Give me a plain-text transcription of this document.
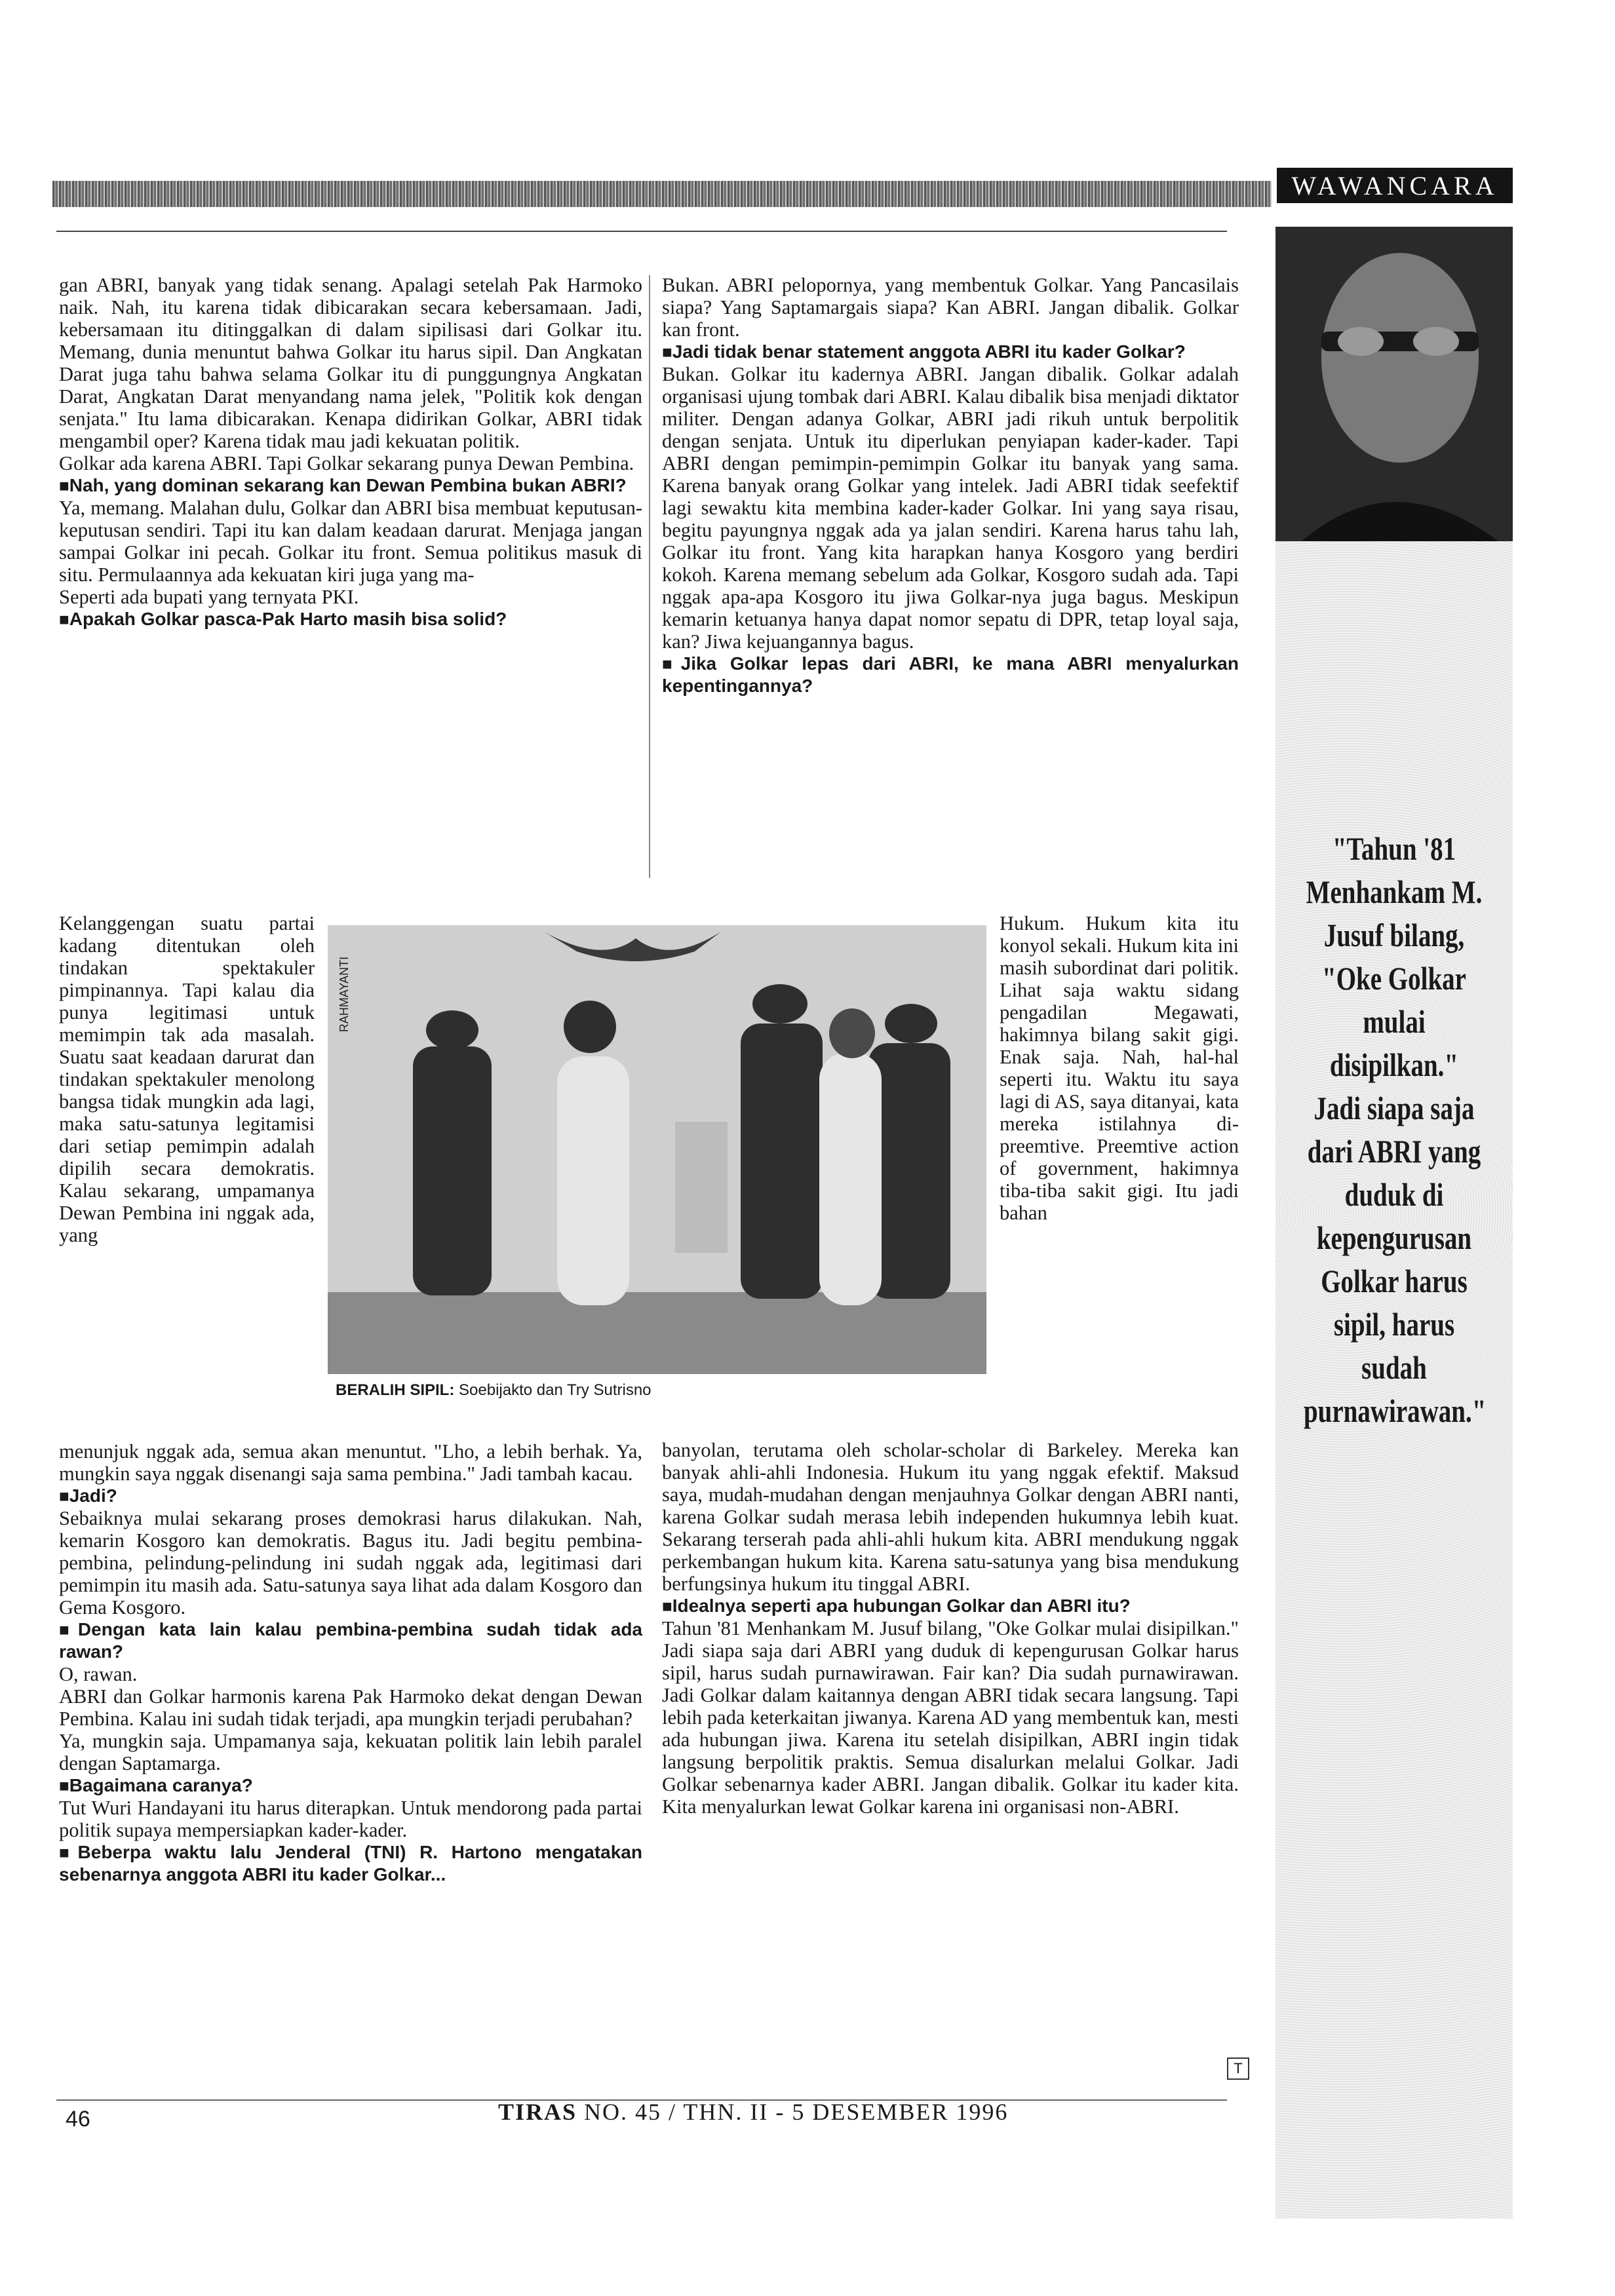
WAWANCARA

gan ABRI, banyak yang tidak senang. Apalagi setelah Pak Harmoko naik. Nah, itu karena tidak dibicarakan secara kebersamaan. Jadi, kebersamaan itu ditinggalkan di dalam sipilisasi dari Golkar itu. Memang, dunia menuntut bahwa Golkar itu harus sipil. Dan Angkatan Darat juga tahu bahwa selama Golkar itu di punggungnya Angkatan Darat, Angkatan Darat menyandang nama jelek, "Politik kok dengan senjata." Itu lama dibicarakan. Kenapa didirikan Golkar, ABRI tidak mengambil oper? Karena tidak mau jadi kekuatan politik.

Golkar ada karena ABRI. Tapi Golkar sekarang punya Dewan Pembina.

■ Nah, yang dominan sekarang kan Dewan Pembina bukan ABRI?

Ya, memang. Malahan dulu, Golkar dan ABRI bisa membuat keputusan-keputusan sendiri. Tapi itu kan dalam keadaan darurat. Menjaga jangan sampai Golkar ini pecah. Golkar itu front. Semua politikus masuk di situ. Permulaannya ada kekuatan kiri juga yang ma-

Seperti ada bupati yang ternyata PKI.

■ Apakah Golkar pasca-Pak Harto masih bisa solid?

Bukan. ABRI pelopornya, yang membentuk Golkar. Yang Pancasilais siapa? Yang Saptamargais siapa? Kan ABRI. Jangan dibalik. Golkar kan front.

■ Jadi tidak benar statement anggota ABRI itu kader Golkar?

Bukan. Golkar itu kadernya ABRI. Jangan dibalik. Golkar adalah organisasi ujung tombak dari ABRI. Kalau dibalik bisa menjadi diktator militer. Dengan adanya Golkar, ABRI jadi rikuh untuk berpolitik dengan senjata. Untuk itu diperlukan penyiapan kader-kader. Tapi ABRI dengan pemimpin-pemimpin Golkar itu banyak yang sama. Karena banyak orang Golkar yang intelek. Jadi ABRI tidak seefektif lagi sewaktu kita membina kader-kader Golkar. Ini yang saya risau, begitu payungnya nggak ada ya jalan sendiri. Karena harus tahu lah, Golkar itu front. Yang kita harapkan hanya Kosgoro yang berdiri kokoh. Karena memang sebelum ada Golkar, Kosgoro sudah ada. Tapi nggak apa-apa Kosgoro itu jiwa Golkar-nya juga bagus. Meskipun kemarin ketuanya hanya dapat nomor sepatu di DPR, tetap loyal saja, kan? Jiwa kejuangannya bagus.

■ Jika Golkar lepas dari ABRI, ke mana ABRI menyalurkan kepentingannya?

Kelanggengan suatu partai kadang ditentukan oleh tindakan spektakuler pimpinannya. Tapi kalau dia punya legitimasi untuk memimpin tak ada masalah. Suatu saat keadaan darurat dan tindakan spektakuler menolong bangsa tidak mungkin ada lagi, maka satu-satunya legitamisi dari setiap pemimpin adalah dipilih secara demokratis. Kalau sekarang, umpamanya Dewan Pembina ini nggak ada, yang

RAHMAYANTI
BERALIH SIPIL: Soebijakto dan Try Sutrisno

Hukum. Hukum kita itu konyol sekali. Hukum kita ini masih subordinat dari politik. Lihat saja waktu sidang pengadilan Megawati, hakimnya bilang sakit gigi. Enak saja. Nah, hal-hal seperti itu. Waktu itu saya lagi di AS, saya ditanyai, kata mereka istilahnya di-preemtive. Preemtive action of government, hakimnya tiba-tiba sakit gigi. Itu jadi bahan

menunjuk nggak ada, semua akan menuntut. "Lho, a lebih berhak. Ya, mungkin saya nggak disenangi saja sama pembina." Jadi tambah kacau.

■ Jadi?

Sebaiknya mulai sekarang proses demokrasi harus dilakukan. Nah, kemarin Kosgoro kan demokratis. Bagus itu. Jadi begitu pembina-pembina, pelindung-pelindung ini sudah nggak ada, legitimasi dari pemimpin itu masih ada. Satu-satunya saya lihat ada dalam Kosgoro dan Gema Kosgoro.

■ Dengan kata lain kalau pembina-pembina sudah tidak ada rawan?

O, rawan.

ABRI dan Golkar harmonis karena Pak Harmoko dekat dengan Dewan Pembina. Kalau ini sudah tidak terjadi, apa mungkin terjadi perubahan?

Ya, mungkin saja. Umpamanya saja, kekuatan politik lain lebih paralel dengan Saptamarga.

■ Bagaimana caranya?

Tut Wuri Handayani itu harus diterapkan. Untuk mendorong pada partai politik supaya mempersiapkan kader-kader.

■ Beberpa waktu lalu Jenderal (TNI) R. Hartono mengatakan sebenarnya anggota ABRI itu kader Golkar...

banyolan, terutama oleh scholar-scholar di Barkeley. Mereka kan banyak ahli-ahli Indonesia. Hukum itu yang nggak efektif. Maksud saya, mudah-mudahan dengan menjauhnya Golkar dengan ABRI nanti, karena Golkar sudah merasa lebih independen hukumnya lebih kuat. Sekarang terserah pada ahli-ahli hukum kita. ABRI mendukung nggak perkembangan hukum kita. Karena satu-satunya yang bisa mendukung berfungsinya hukum itu tinggal ABRI.

■ Idealnya seperti apa hubungan Golkar dan ABRI itu?

Tahun '81 Menhankam M. Jusuf bilang, "Oke Golkar mulai disipilkan." Jadi siapa saja dari ABRI yang duduk di kepengurusan Golkar harus sipil, harus sudah purnawirawan. Fair kan? Dia sudah purnawirawan. Jadi Golkar dalam kaitannya dengan ABRI tidak secara langsung. Tapi lebih pada keterkaitan jiwanya. Karena AD yang membentuk kan, mesti ada hubungan jiwa. Karena itu setelah disipilkan, ABRI ingin tidak langsung berpolitik praktis. Semua disalurkan melalui Golkar. Jadi Golkar sebenarnya kader ABRI. Jangan dibalik. Golkar itu kader kita. Kita menyalurkan lewat Golkar karena ini organisasi non-ABRI.

T
"Tahun '81 Menhankam M. Jusuf bilang, "Oke Golkar mulai disipilkan." Jadi siapa saja dari ABRI yang duduk di kepengurusan Golkar harus sipil, harus sudah purnawirawan."
46	TIRAS NO. 45 / THN. II - 5 DESEMBER 1996
